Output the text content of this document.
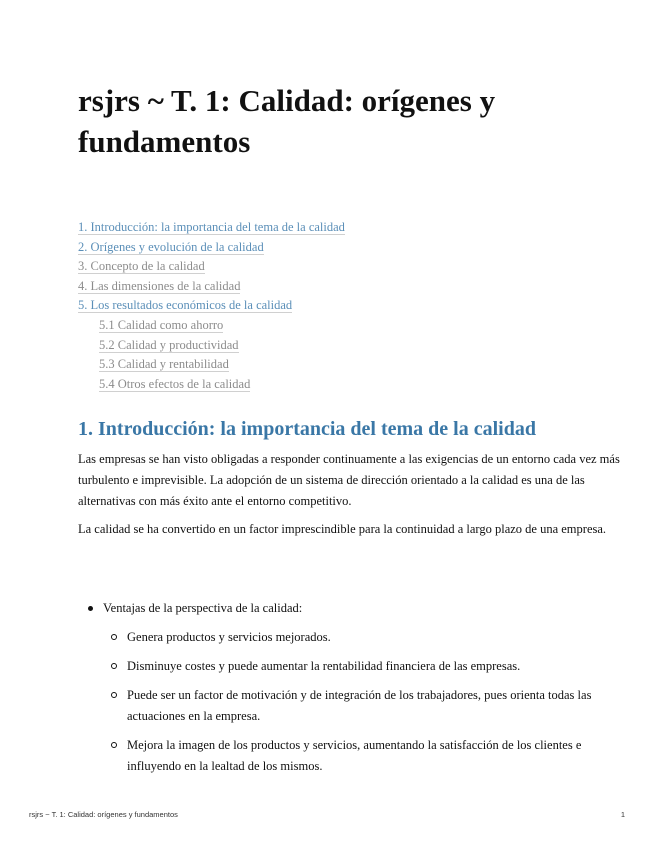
rsjrs ~ T. 1: Calidad: orígenes y fundamentos
1. Introducción: la importancia del tema de la calidad
2. Orígenes y evolución de la calidad
3. Concepto de la calidad
4. Las dimensiones de la calidad
5. Los resultados económicos de la calidad
5.1 Calidad como ahorro
5.2 Calidad y productividad
5.3 Calidad y rentabilidad
5.4 Otros efectos de la calidad
1. Introducción: la importancia del tema de la calidad

Las empresas se han visto obligadas a responder continuamente a las exigencias de un entorno cada vez más turbulento e imprevisible. La adopción de un sistema de dirección orientado a la calidad es una de las alternativas con más éxito ante el entorno competitivo.

La calidad se ha convertido en un factor imprescindible para la continuidad a largo plazo de una empresa.

Ventajas de la perspectiva de la calidad:
Genera productos y servicios mejorados.
Disminuye costes y puede aumentar la rentabilidad financiera de las empresas.
Puede ser un factor de motivación y de integración de los trabajadores, pues orienta todas las actuaciones en la empresa.
Mejora la imagen de los productos y servicios, aumentando la satisfacción de los clientes e influyendo en la lealtad de los mismos.
rsjrs ~ T. 1: Calidad: orígenes y fundamentos	1
